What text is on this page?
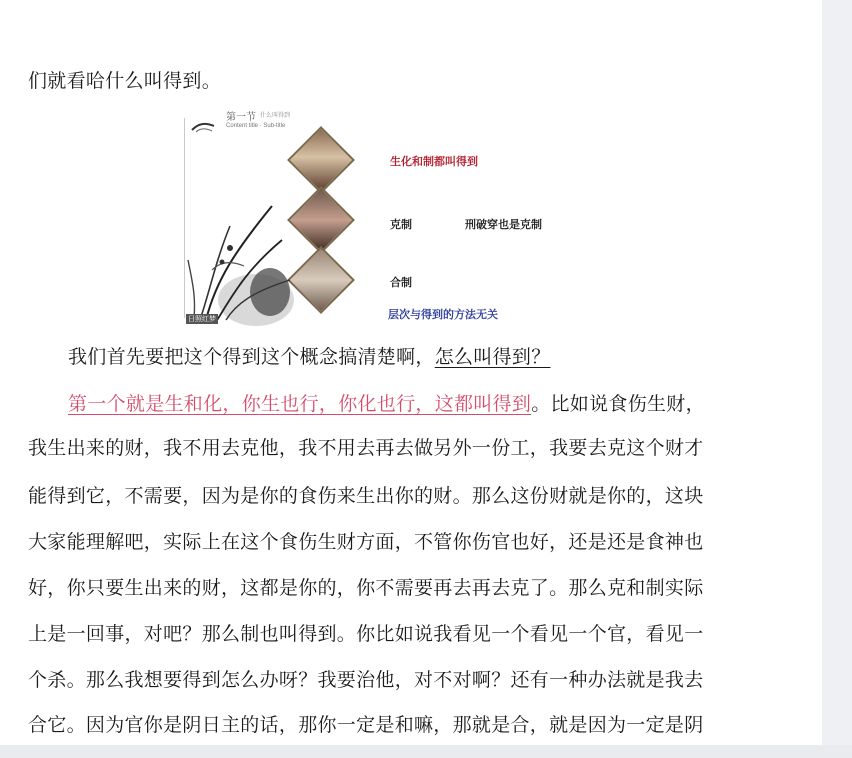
们就看哈什么叫得到。
第一节 什么叫得到
Content title · Sub-title
生化和制都叫得到
克制	刑破穿也是克制
合制
层次与得到的方法无关
日照红梦
我们首先要把这个得到这个概念搞清楚啊，怎么叫得到？
第一个就是生和化，你生也行，你化也行，这都叫得到。比如说食伤生财，
我生出来的财，我不用去克他，我不用去再去做另外一份工，我要去克这个财才
能得到它，不需要，因为是你的食伤来生出你的财。那么这份财就是你的，这块
大家能理解吧，实际上在这个食伤生财方面，不管你伤官也好，还是还是食神也
好，你只要生出来的财，这都是你的，你不需要再去再去克了。那么克和制实际
上是一回事，对吧？那么制也叫得到。你比如说我看见一个看见一个官，看见一
个杀。那么我想要得到怎么办呀？我要治他，对不对啊？还有一种办法就是我去
合它。因为官你是阴日主的话，那你一定是和嘛，那就是合，就是因为一定是阴
